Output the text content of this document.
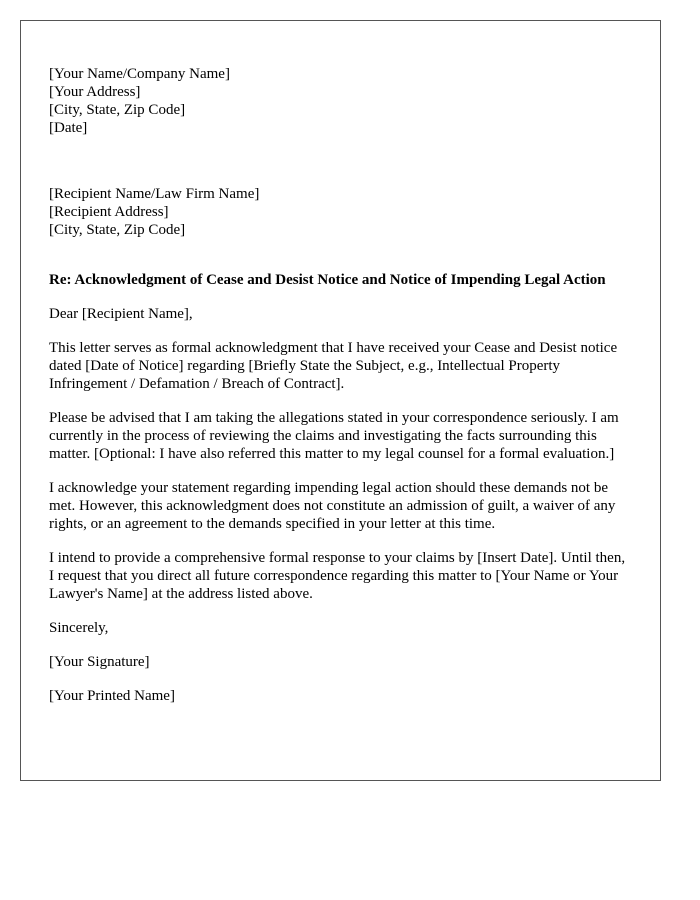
[Your Name/Company Name]
[Your Address]
[City, State, Zip Code]
[Date]

[Recipient Name/Law Firm Name]
[Recipient Address]
[City, State, Zip Code]

Re: Acknowledgment of Cease and Desist Notice and Notice of Impending Legal Action

Dear [Recipient Name],

This letter serves as formal acknowledgment that I have received your Cease and Desist notice dated [Date of Notice] regarding [Briefly State the Subject, e.g., Intellectual Property Infringement / Defamation / Breach of Contract].

Please be advised that I am taking the allegations stated in your correspondence seriously. I am currently in the process of reviewing the claims and investigating the facts surrounding this matter. [Optional: I have also referred this matter to my legal counsel for a formal evaluation.]

I acknowledge your statement regarding impending legal action should these demands not be met. However, this acknowledgment does not constitute an admission of guilt, a waiver of any rights, or an agreement to the demands specified in your letter at this time.

I intend to provide a comprehensive formal response to your claims by [Insert Date]. Until then, I request that you direct all future correspondence regarding this matter to [Your Name or Your Lawyer's Name] at the address listed above.

Sincerely,

[Your Signature]

[Your Printed Name]
